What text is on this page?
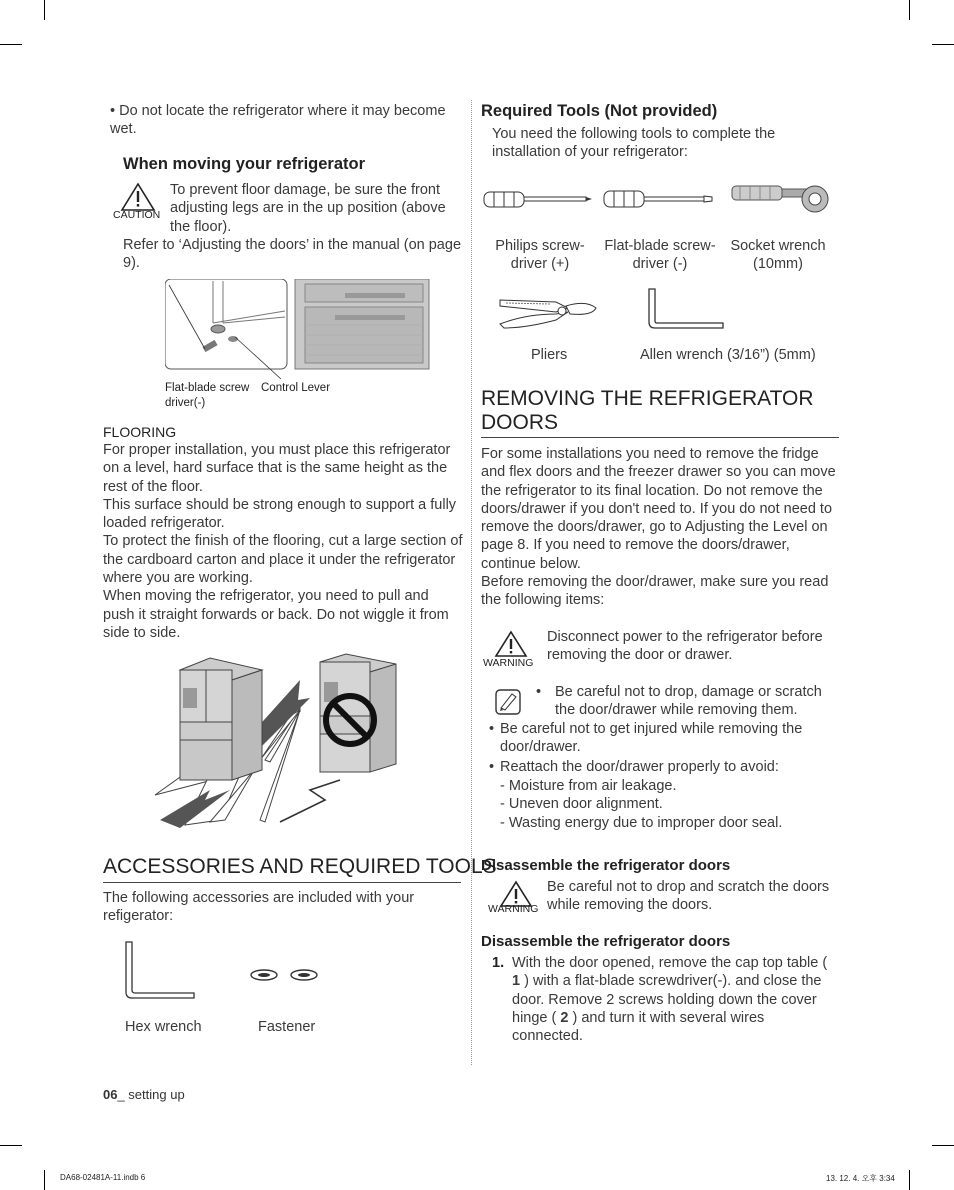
• Do not locate the refrigerator where it may become wet.
When moving your refrigerator
CAUTION
To prevent floor damage, be sure the front adjusting legs are in the up position (above the floor).
Refer to ‘Adjusting the doors’ in the manual (on page 9).
Flat-blade screw driver(-)
Control Lever
FLOORING
For proper installation, you must place this refrigerator on a level, hard surface that is the same height as the rest of the floor.
This surface should be strong enough to support a fully loaded refrigerator.
To protect the finish of the flooring, cut a large section of the cardboard carton and place it under the refrigerator where you are working.
When moving the refrigerator, you need to pull and push it straight forwards or back. Do not wiggle it from side to side.
ACCESSORIES AND REQUIRED TOOLS
The following accessories are included with your refigerator:
Hex wrench	Fastener
06_ setting up
DA68-02481A-11.indb 6	13. 12. 4. 오후 3:34
Required Tools (Not provided)
You need the following tools to complete the installation of your refrigerator:
Philips screw-driver (+)
Flat-blade screw-driver (-)
Socket wrench (10mm)
Pliers	Allen wrench (3/16”) (5mm)
REMOVING THE REFRIGERATOR DOORS
For some installations you need to remove the fridge and flex doors and the freezer drawer so you can move the refrigerator to its final location. Do not remove the doors/drawer if you don't need to. If you do not need to remove the doors/drawer, go to Adjusting the Level on page 8. If you need to remove the doors/drawer, continue below.
Before removing the door/drawer, make sure you read the following items:
WARNING
Disconnect power to the refrigerator before removing the door or drawer.
• Be careful not to drop, damage or scratch the door/drawer while removing them.
• Be careful not to get injured while removing the door/drawer.
• Reattach the door/drawer properly to avoid:
- Moisture from air leakage.
- Uneven door alignment.
- Wasting energy due to improper door seal.
Disassemble the refrigerator doors
WARNING
Be careful not to drop and scratch the doors while removing the doors.
Disassemble the refrigerator doors
1. With the door opened, remove the cap top table ( 1 ) with a flat-blade screwdriver(-). and close the door. Remove 2 screws holding down the cover hinge ( 2 ) and turn it with several wires connected.
